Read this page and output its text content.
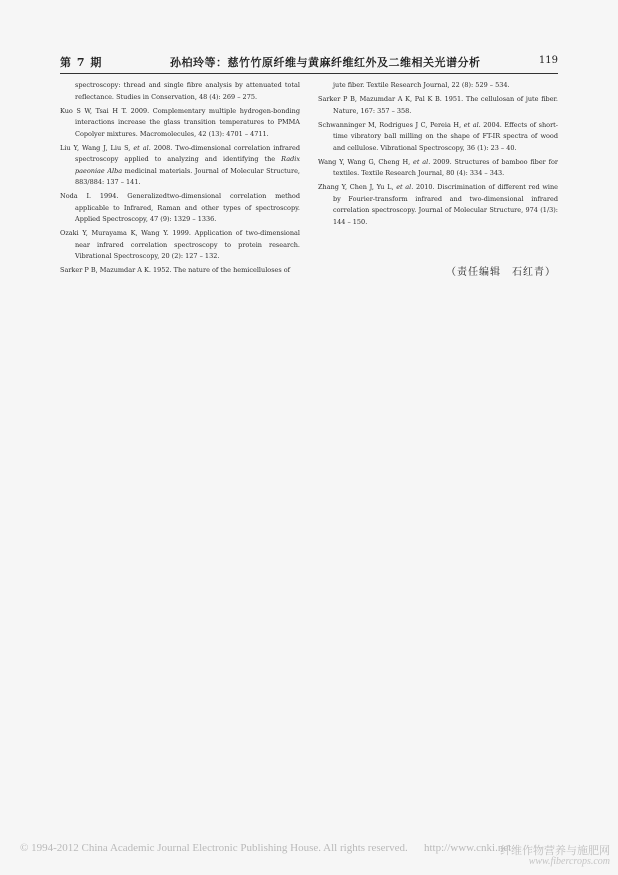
第 7 期	孙柏玲等：慈竹竹原纤维与黄麻纤维红外及二维相关光谱分析	119

spectroscopy: thread and single fibre analysis by attenuated total reflectance. Studies in Conservation, 48 (4): 269 – 275.

Kuo S W, Tsai H T. 2009. Complementary multiple hydrogen-bonding interactions increase the glass transition temperatures to PMMA Copolyer mixtures. Macromolecules, 42 (13): 4701 – 4711.

Liu Y, Wang J, Liu S, et al. 2008. Two-dimensional correlation infrared spectroscopy applied to analyzing and identifying the Radix paeoniae Alba medicinal materials. Journal of Molecular Structure, 883/884: 137 – 141.

Noda I. 1994. Generalizedtwo-dimensional correlation method applicable to Infrared, Raman and other types of spectroscopy. Applied Spectroscopy, 47 (9): 1329 – 1336.

Ozaki Y, Murayama K, Wang Y. 1999. Application of two-dimensional near infrared correlation spectroscopy to protein research. Vibrational Spectroscopy, 20 (2): 127 – 132.

Sarker P B, Mazumdar A K. 1952. The nature of the hemicelluloses of

jute fiber. Textile Research Journal, 22 (8): 529 – 534.

Sarker P B, Mazumdar A K, Pal K B. 1951. The cellulosan of jute fiber. Nature, 167: 357 – 358.

Schwanninger M, Rodrigues J C, Pereia H, et al. 2004. Effects of short-time vibratory ball milling on the shape of FT-IR spectra of wood and cellulose. Vibrational Spectroscopy, 36 (1): 23 – 40.

Wang Y, Wang G, Cheng H, et al. 2009. Structures of bamboo fiber for textiles. Textile Research Journal, 80 (4): 334 – 343.

Zhang Y, Chen J, Yu L, et al. 2010. Discrimination of different red wine by Fourier-transform infrared and two-dimensional infrared correlation spectroscopy. Journal of Molecular Structure, 974 (1/3): 144 – 150.

（责任编辑　石红青）
© 1994-2012 China Academic Journal Electronic Publishing House. All rights reserved. http://www.cnki.net
纤维作物营养与施肥网
www.fibercrops.com
